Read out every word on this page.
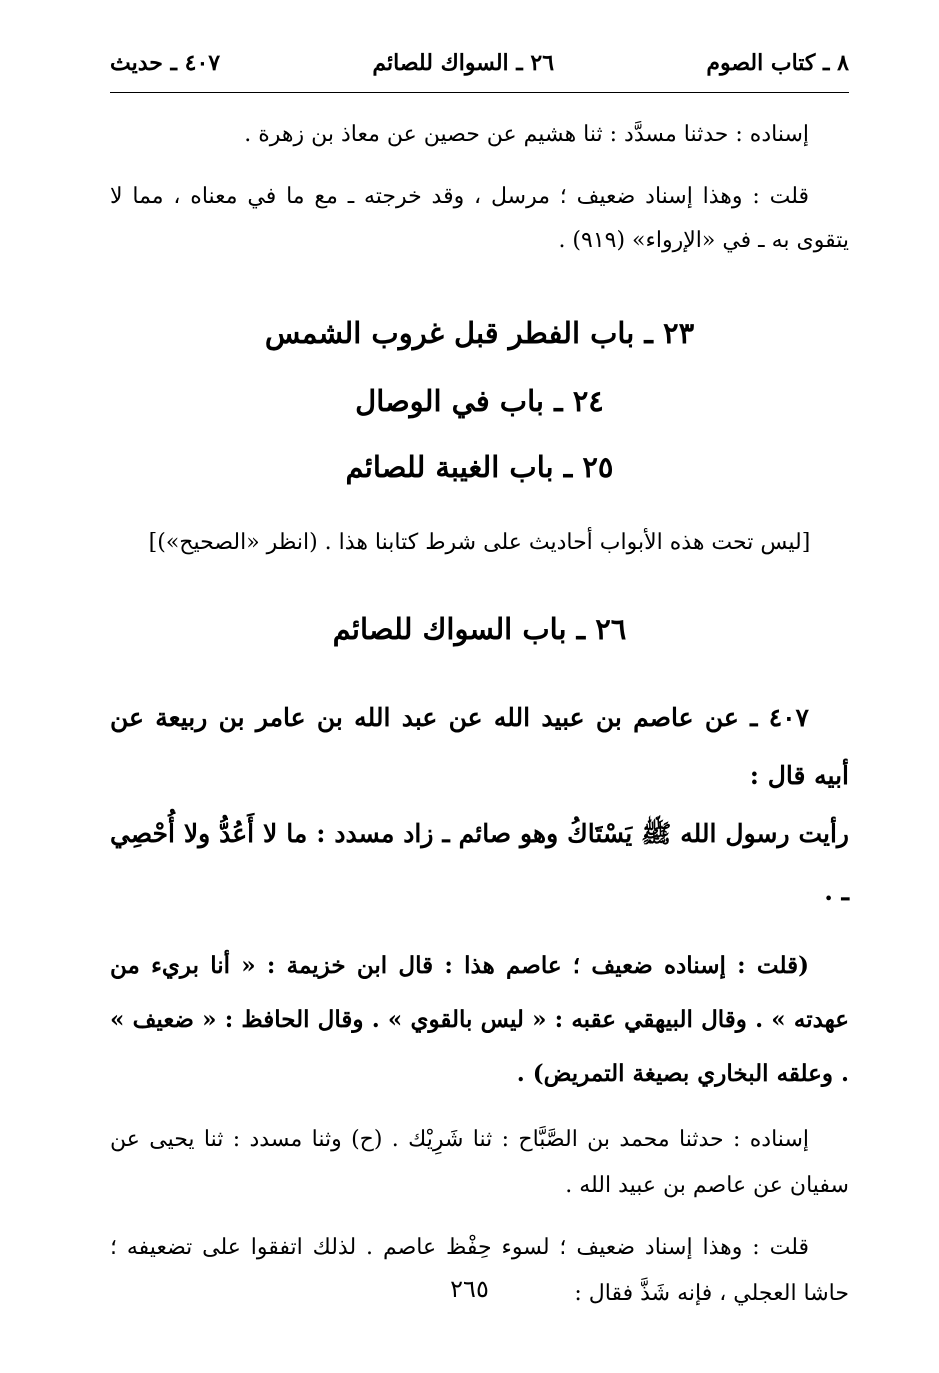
٨ ـ كتاب الصوم
٢٦ ـ السواك للصائم
٤٠٧ ـ حديث

إسناده : حدثنا مسدَّد : ثنا هشيم عن حصين عن معاذ بن زهرة .

قلت : وهذا إسناد ضعيف ؛ مرسل ، وقد خرجته ـ مع ما في معناه ، مما لا يتقوى به ـ في «الإرواء» (٩١٩) .

٢٣ ـ باب الفطر قبل غروب الشمس
٢٤ ـ باب في الوصال
٢٥ ـ باب الغيبة للصائم
[ليس تحت هذه الأبواب أحاديث على شرط كتابنا هذا . (انظر «الصحيح»)]
٢٦ ـ باب السواك للصائم

٤٠٧ ـ عن عاصم بن عبيد الله عن عبد الله بن عامر بن ربيعة عن أبيه قال :
رأيت رسول الله ﷺ يَسْتَاكُ وهو صائم ـ زاد مسدد : ما لا أَعُدُّ ولا أُحْصِي ـ .

(قلت : إسناده ضعيف ؛ عاصم هذا : قال ابن خزيمة : « أنا بريء من عهدته » . وقال البيهقي عقبه : « ليس بالقوي » . وقال الحافظ : « ضعيف » . وعلقه البخاري بصيغة التمريض) .

إسناده : حدثنا محمد بن الصَّبَّاح : ثنا شَرِيْك . (ح) وثنا مسدد : ثنا يحيى عن سفيان عن عاصم بن عبيد الله .

قلت : وهذا إسناد ضعيف ؛ لسوء حِفْظ عاصم . لذلك اتفقوا على تضعيفه ؛ حاشا العجلي ، فإنه شَذَّ فقال :

٢٦٥
